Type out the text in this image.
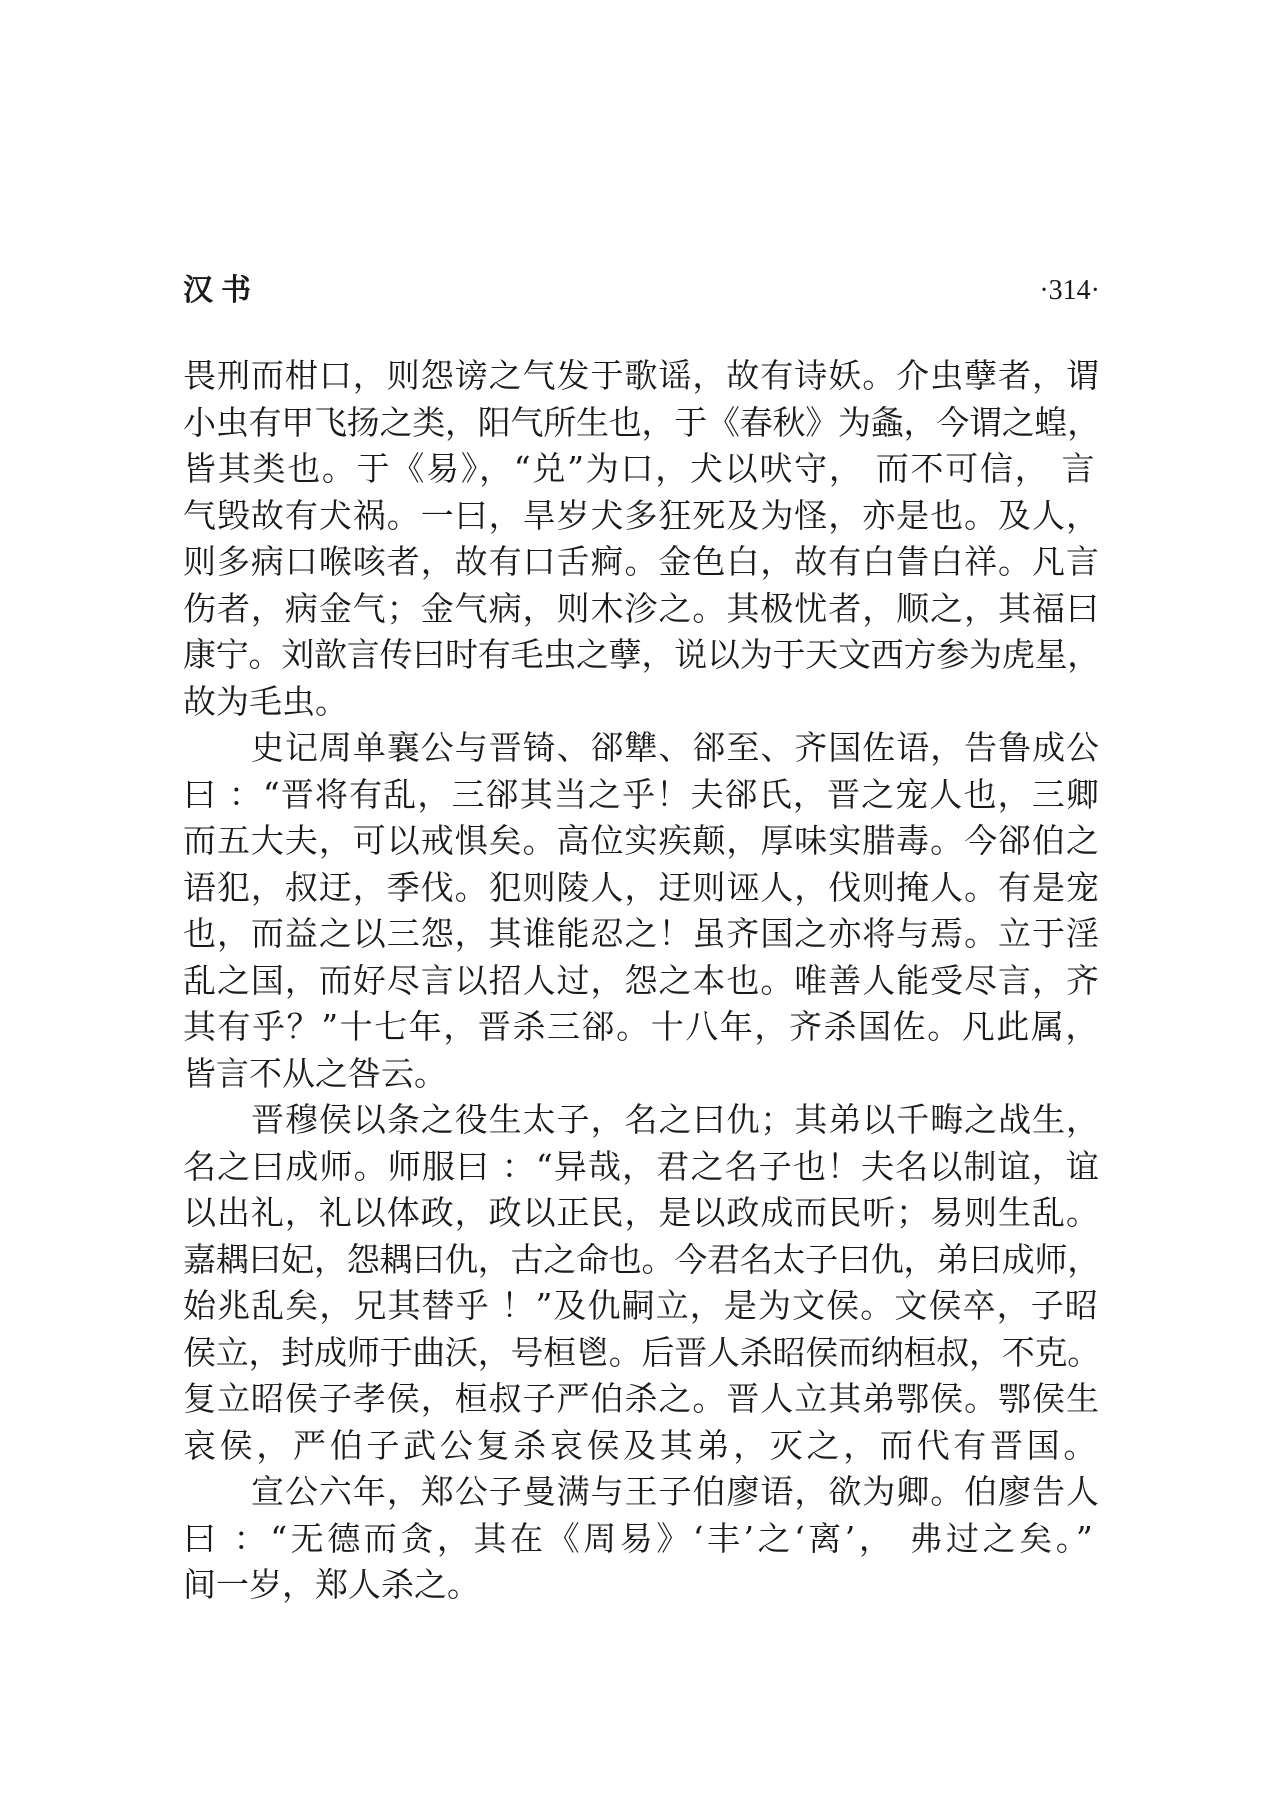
汉书	·314·
畏刑而柑口，则怨谤之气发于歌谣，故有诗妖。介虫孽者，谓
小虫有甲飞扬之类，阳气所生也，于《春秋》为螽，今谓之蝗，
皆其类也。于《易》，“兑”为口，犬以吠守， 而不可信， 言
气毁故有犬祸。一曰，旱岁犬多狂死及为怪，亦是也。及人，
则多病口喉咳者，故有口舌痾。金色白，故有白眚白祥。凡言
伤者，病金气；金气病，则木沴之。其极忧者，顺之，其福曰
康宁。刘歆言传曰时有毛虫之孽，说以为于天文西方参为虎星，
故为毛虫。
史记周单襄公与晋锜、郤犨、郤至、齐国佐语，告鲁成公
曰 ：“晋将有乱，三郤其当之乎！夫郤氏，晋之宠人也，三卿
而五大夫，可以戒惧矣。高位实疾颠，厚味实腊毒。今郤伯之
语犯，叔迂，季伐。犯则陵人，迂则诬人，伐则掩人。有是宠
也，而益之以三怨，其谁能忍之！虽齐国之亦将与焉。立于淫
乱之国，而好尽言以招人过，怨之本也。唯善人能受尽言，齐
其有乎？”十七年，晋杀三郤。十八年，齐杀国佐。凡此属，
皆言不从之咎云。
晋穆侯以条之役生太子，名之曰仇；其弟以千畮之战生，
名之曰成师。师服曰 ：“异哉，君之名子也！夫名以制谊，谊
以出礼，礼以体政，政以正民，是以政成而民听；易则生乱。
嘉耦曰妃，怨耦曰仇，古之命也。今君名太子曰仇，弟曰成师，
始兆乱矣，兄其替乎 ！”及仇嗣立，是为文侯。文侯卒，子昭
侯立，封成师于曲沃，号桓鬯。后晋人杀昭侯而纳桓叔，不克。
复立昭侯子孝侯，桓叔子严伯杀之。晋人立其弟鄂侯。鄂侯生
哀侯，严伯子武公复杀哀侯及其弟，灭之，而代有晋国。
宣公六年，郑公子曼满与王子伯廖语，欲为卿。伯廖告人
曰 ：“无德而贪，其在《周易》‘丰’之‘离’， 弗过之矣。”
间一岁，郑人杀之。
